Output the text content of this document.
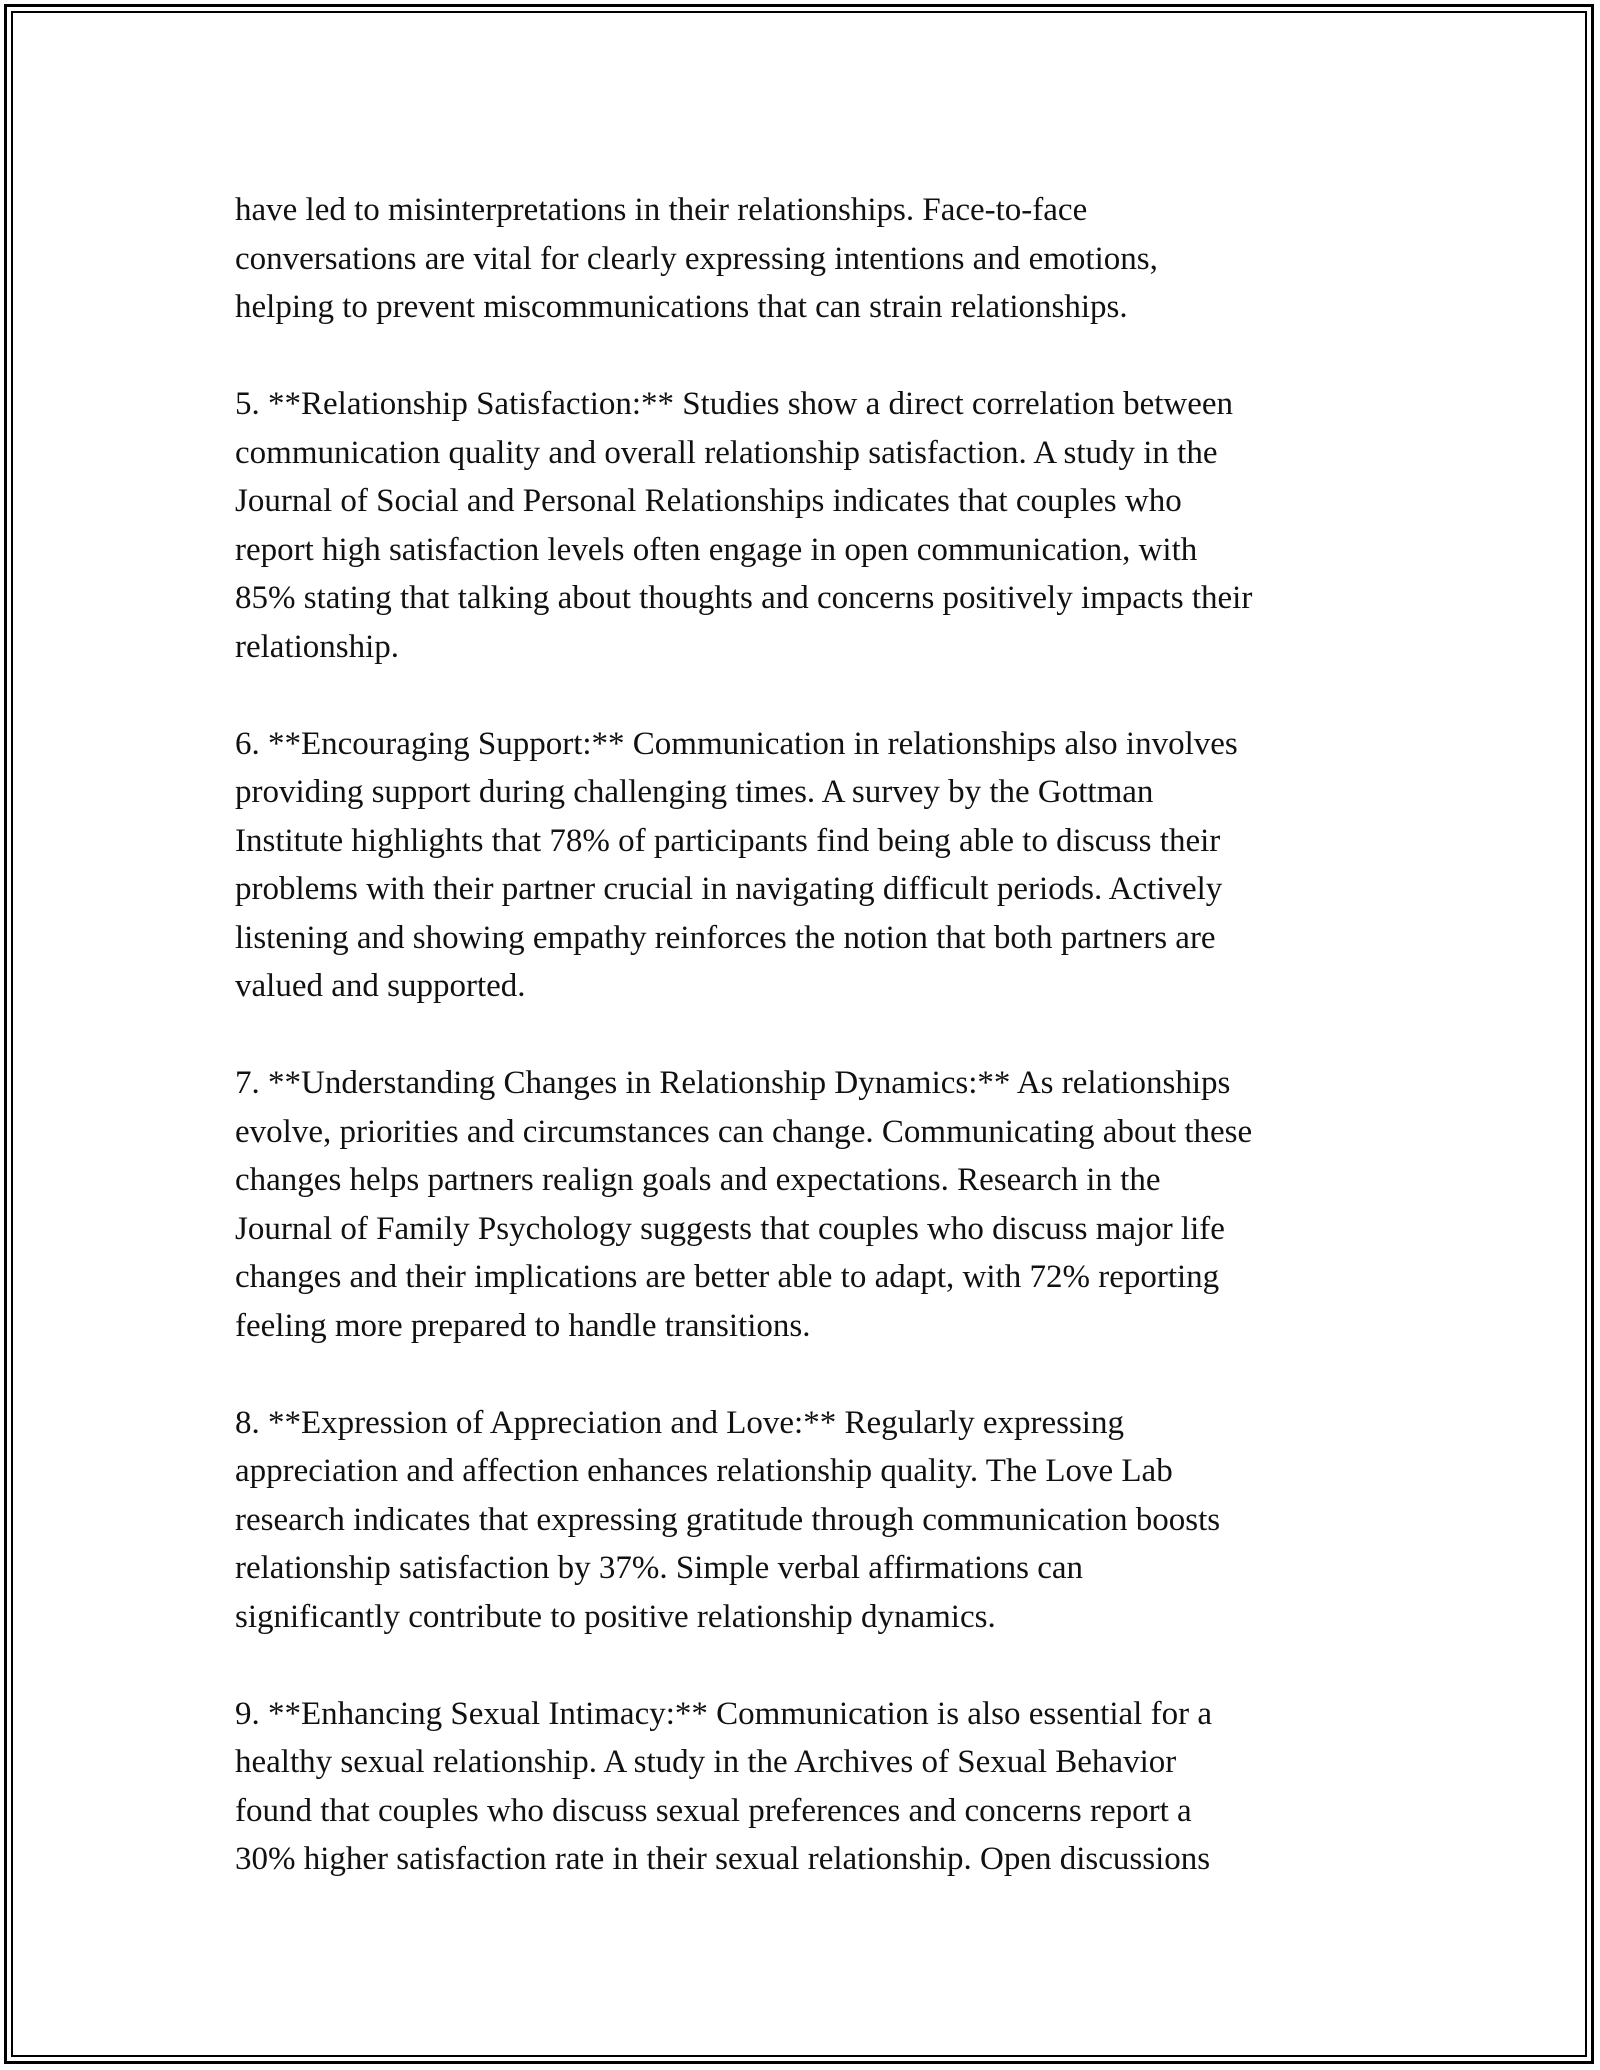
have led to misinterpretations in their relationships. Face-to-face
conversations are vital for clearly expressing intentions and emotions,
helping to prevent miscommunications that can strain relationships.

5. **Relationship Satisfaction:** Studies show a direct correlation between
communication quality and overall relationship satisfaction. A study in the
Journal of Social and Personal Relationships indicates that couples who
report high satisfaction levels often engage in open communication, with
85% stating that talking about thoughts and concerns positively impacts their
relationship.

6. **Encouraging Support:** Communication in relationships also involves
providing support during challenging times. A survey by the Gottman
Institute highlights that 78% of participants find being able to discuss their
problems with their partner crucial in navigating difficult periods. Actively
listening and showing empathy reinforces the notion that both partners are
valued and supported.

7. **Understanding Changes in Relationship Dynamics:** As relationships
evolve, priorities and circumstances can change. Communicating about these
changes helps partners realign goals and expectations. Research in the
Journal of Family Psychology suggests that couples who discuss major life
changes and their implications are better able to adapt, with 72% reporting
feeling more prepared to handle transitions.

8. **Expression of Appreciation and Love:** Regularly expressing
appreciation and affection enhances relationship quality. The Love Lab
research indicates that expressing gratitude through communication boosts
relationship satisfaction by 37%. Simple verbal affirmations can
significantly contribute to positive relationship dynamics.

9. **Enhancing Sexual Intimacy:** Communication is also essential for a
healthy sexual relationship. A study in the Archives of Sexual Behavior
found that couples who discuss sexual preferences and concerns report a
30% higher satisfaction rate in their sexual relationship. Open discussions
